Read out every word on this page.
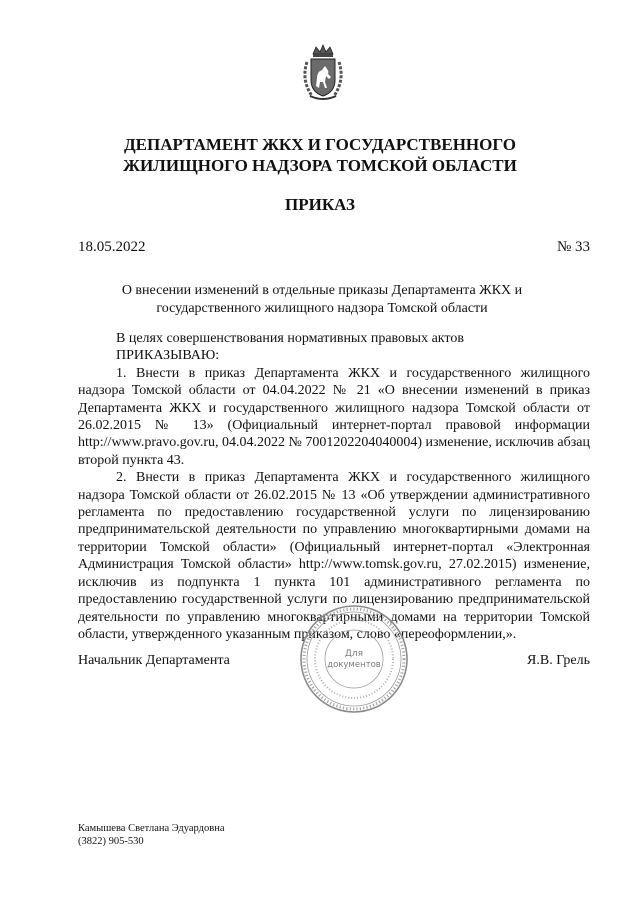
ДЕПАРТАМЕНТ ЖКХ И ГОСУДАРСТВЕННОГО ЖИЛИЩНОГО НАДЗОРА ТОМСКОЙ ОБЛАСТИ
ПРИКАЗ
18.05.2022	№ 33

О внесении изменений в отдельные приказы Департамента ЖКХ и государственного жилищного надзора Томской области

В целях совершенствования нормативных правовых актов

ПРИКАЗЫВАЮ:

1. Внести в приказ Департамента ЖКХ и государственного жилищного надзора Томской области от 04.04.2022 № 21 «О внесении изменений в приказ Департамента ЖКХ и государственного жилищного надзора Томской области от 26.02.2015 № 13» (Официальный интернет-портал правовой информации http://www.pravo.gov.ru, 04.04.2022 № 7001202204040004) изменение, исключив абзац второй пункта 43.

2. Внести в приказ Департамента ЖКХ и государственного жилищного надзора Томской области от 26.02.2015 № 13 «Об утверждении административного регламента по предоставлению государственной услуги по лицензированию предпринимательской деятельности по управлению многоквартирными домами на территории Томской области» (Официальный интернет-портал «Электронная Администрация Томской области» http://www.tomsk.gov.ru, 27.02.2015) изменение, исключив из подпункта 1 пункта 101 административного регламента по предоставлению государственной услуги по лицензированию предпринимательской деятельности по управлению многоквартирными домами на территории Томской области, утвержденного указанным приказом, слово «переоформлении,».

Начальник Департамента	Для
документов	Я.В. Грель
Камышева Светлана Эдуардовна
(3822) 905-530
